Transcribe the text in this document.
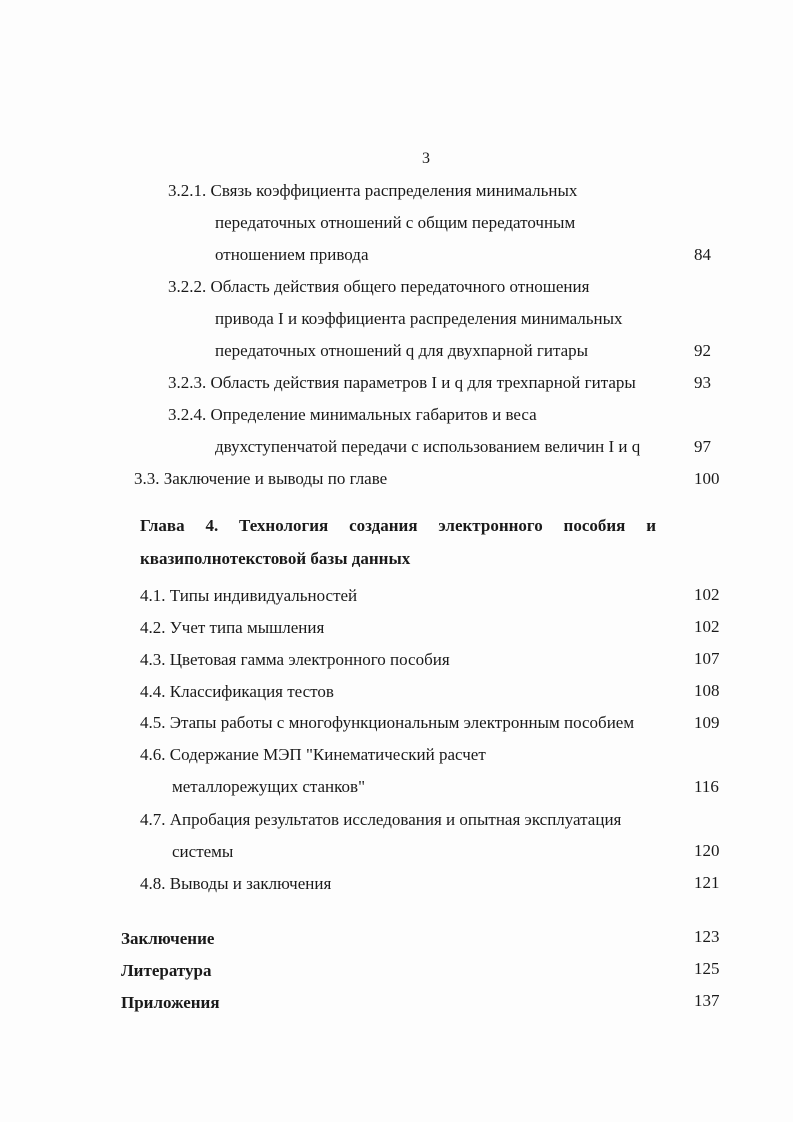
3
3.2.1. Связь коэффициента распределения минимальных
передаточных отношений с общим передаточным
отношением привода	84
3.2.2. Область действия общего передаточного отношения
привода I и коэффициента распределения минимальных
передаточных отношений q для двухпарной гитары	92
3.2.3. Область действия параметров I и q для трехпарной гитары	93
3.2.4. Определение минимальных габаритов и веса
двухступенчатой передачи с использованием величин I и q	97
3.3. Заключение и выводы по главе	100
Глава 4. Технология создания электронного пособия и
квазиполнотекстовой базы данных
4.1. Типы индивидуальностей	102
4.2. Учет типа мышления	102
4.3. Цветовая гамма электронного пособия	107
4.4. Классификация тестов	108
4.5. Этапы работы с многофункциональным электронным пособием	109
4.6. Содержание МЭП "Кинематический расчет
металлорежущих станков"	116
4.7. Апробация результатов исследования и опытная эксплуатация
системы	120
4.8. Выводы и заключения	121
Заключение	123
Литература	125
Приложения	137
